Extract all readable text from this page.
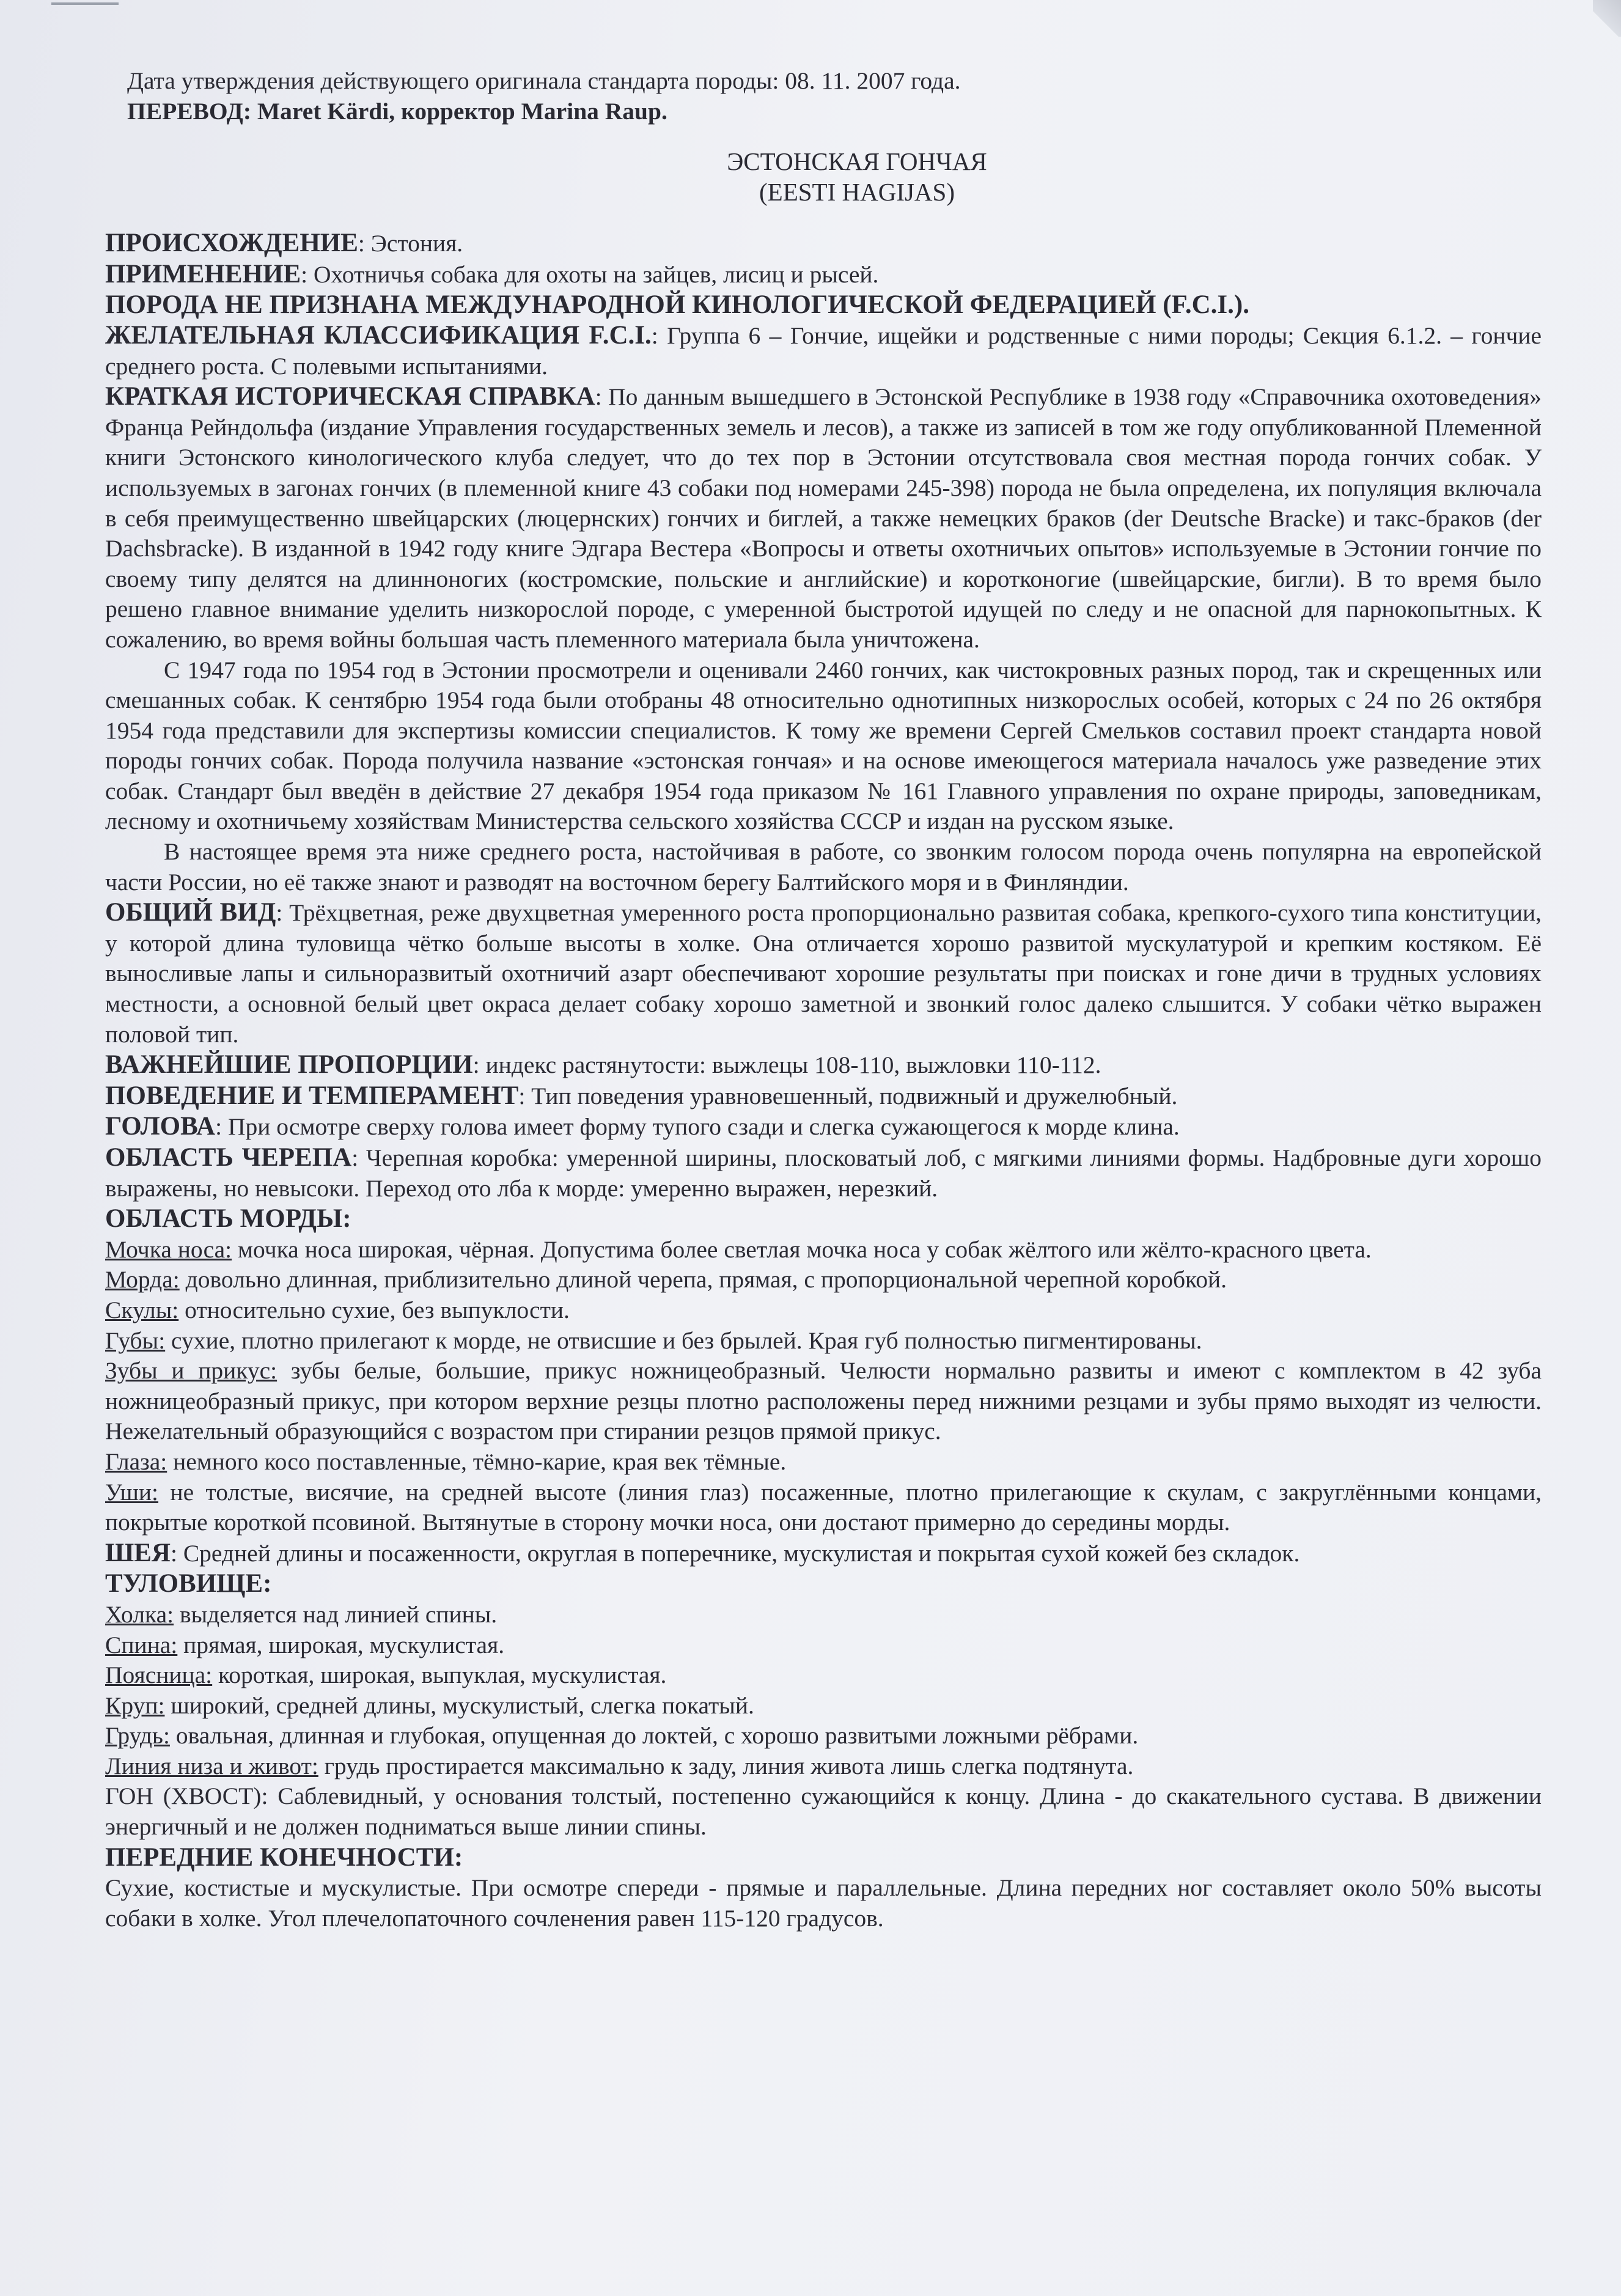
Дата утверждения действующего оригинала стандарта породы: 08. 11. 2007 года.
ПЕРЕВОД: Maret Kärdi, корректор Marina Raup.
ЭСТОНСКАЯ ГОНЧАЯ
(EESTI HAGIJAS)
ПРОИСХОЖДЕНИЕ: Эстония.
ПРИМЕНЕНИЕ: Охотничья собака для охоты на зайцев, лисиц и рысей.
ПОРОДА НЕ ПРИЗНАНА МЕЖДУНАРОДНОЙ КИНОЛОГИЧЕСКОЙ ФЕДЕРАЦИЕЙ (F.C.I.).
ЖЕЛАТЕЛЬНАЯ КЛАССИФИКАЦИЯ F.C.I.: Группа 6 – Гончие, ищейки и родственные с ними породы; Секция 6.1.2. – гончие среднего роста. С полевыми испытаниями.
КРАТКАЯ ИСТОРИЧЕСКАЯ СПРАВКА: По данным вышедшего в Эстонской Республике в 1938 году «Справочника охотоведения» Франца Рейндольфа (издание Управления государственных земель и лесов), а также из записей в том же году опубликованной Племенной книги Эстонского кинологического клуба следует, что до тех пор в Эстонии отсутствовала своя местная порода гончих собак. У используемых в загонах гончих (в племенной книге 43 собаки под номерами 245-398) порода не была определена, их популяция включала в себя преимущественно швейцарских (люцернских) гончих и биглей, а также немецких браков (der Deutsche Bracke) и такс-браков (der Dachsbracke). В изданной в 1942 году книге Эдгара Вестера «Вопросы и ответы охотничьих опытов» используемые в Эстонии гончие по своему типу делятся на длинноногих (костромские, польские и английские) и коротконогие (швейцарские, бигли). В то время было решено главное внимание уделить низкорослой породе, с умеренной быстротой идущей по следу и не опасной для парнокопытных. К сожалению, во время войны большая часть племенного материала была уничтожена.
С 1947 года по 1954 год в Эстонии просмотрели и оценивали 2460 гончих, как чистокровных разных пород, так и скрещенных или смешанных собак. К сентябрю 1954 года были отобраны 48 относительно однотипных низкорослых особей, которых с 24 по 26 октября 1954 года представили для экспертизы комиссии специалистов. К тому же времени Сергей Смельков составил проект стандарта новой породы гончих собак. Порода получила название «эстонская гончая» и на основе имеющегося материала началось уже разведение этих собак. Стандарт был введён в действие 27 декабря 1954 года приказом № 161 Главного управления по охране природы, заповедникам, лесному и охотничьему хозяйствам Министерства сельского хозяйства СССР и издан на русском языке.
В настоящее время эта ниже среднего роста, настойчивая в работе, со звонким голосом порода очень популярна на европейской части России, но её также знают и разводят на восточном берегу Балтийского моря и в Финляндии.
ОБЩИЙ ВИД: Трёхцветная, реже двухцветная умеренного роста пропорционально развитая собака, крепкого-сухого типа конституции, у которой длина туловища чётко больше высоты в холке. Она отличается хорошо развитой мускулатурой и крепким костяком. Её выносливые лапы и сильноразвитый охотничий азарт обеспечивают хорошие результаты при поисках и гоне дичи в трудных условиях местности, а основной белый цвет окраса делает собаку хорошо заметной и звонкий голос далеко слышится. У собаки чётко выражен половой тип.
ВАЖНЕЙШИЕ ПРОПОРЦИИ: индекс растянутости: выжлецы 108-110, выжловки 110-112.
ПОВЕДЕНИЕ И ТЕМПЕРАМЕНТ: Тип поведения уравновешенный, подвижный и дружелюбный.
ГОЛОВА: При осмотре сверху голова имеет форму тупого сзади и слегка сужающегося к морде клина.
ОБЛАСТЬ ЧЕРЕПА: Черепная коробка: умеренной ширины, плосковатый лоб, с мягкими линиями формы. Надбровные дуги хорошо выражены, но невысоки. Переход ото лба к морде: умеренно выражен, нерезкий.
ОБЛАСТЬ МОРДЫ:
Мочка носа: мочка носа широкая, чёрная. Допустима более светлая мочка носа у собак жёлтого или жёлто-красного цвета.
Морда: довольно длинная, приблизительно длиной черепа, прямая, с пропорциональной черепной коробкой.
Скулы: относительно сухие, без выпуклости.
Губы: сухие, плотно прилегают к морде, не отвисшие и без брылей. Края губ полностью пигментированы.
Зубы и прикус: зубы белые, большие, прикус ножницеобразный. Челюсти нормально развиты и имеют с комплектом в 42 зуба ножницеобразный прикус, при котором верхние резцы плотно расположены перед нижними резцами и зубы прямо выходят из челюсти. Нежелательный образующийся с возрастом при стирании резцов прямой прикус.
Глаза: немного косо поставленные, тёмно-карие, края век тёмные.
Уши: не толстые, висячие, на средней высоте (линия глаз) посаженные, плотно прилегающие к скулам, с закруглёнными концами, покрытые короткой псовиной. Вытянутые в сторону мочки носа, они достают примерно до середины морды.
ШЕЯ: Средней длины и посаженности, округлая в поперечнике, мускулистая и покрытая сухой кожей без складок.
ТУЛОВИЩЕ:
Холка: выделяется над линией спины.
Спина: прямая, широкая, мускулистая.
Поясница: короткая, широкая, выпуклая, мускулистая.
Круп: широкий, средней длины, мускулистый, слегка покатый.
Грудь: овальная, длинная и глубокая, опущенная до локтей, с хорошо развитыми ложными рёбрами.
Линия низа и живот: грудь простирается максимально к заду, линия живота лишь слегка подтянута.
ГОН (ХВОСТ): Саблевидный, у основания толстый, постепенно сужающийся к концу. Длина - до скакательного сустава. В движении энергичный и не должен подниматься выше линии спины.
ПЕРЕДНИЕ КОНЕЧНОСТИ:
Сухие, костистые и мускулистые. При осмотре спереди - прямые и параллельные. Длина передних ног составляет около 50% высоты собаки в холке. Угол плечелопаточного сочленения равен 115-120 градусов.
